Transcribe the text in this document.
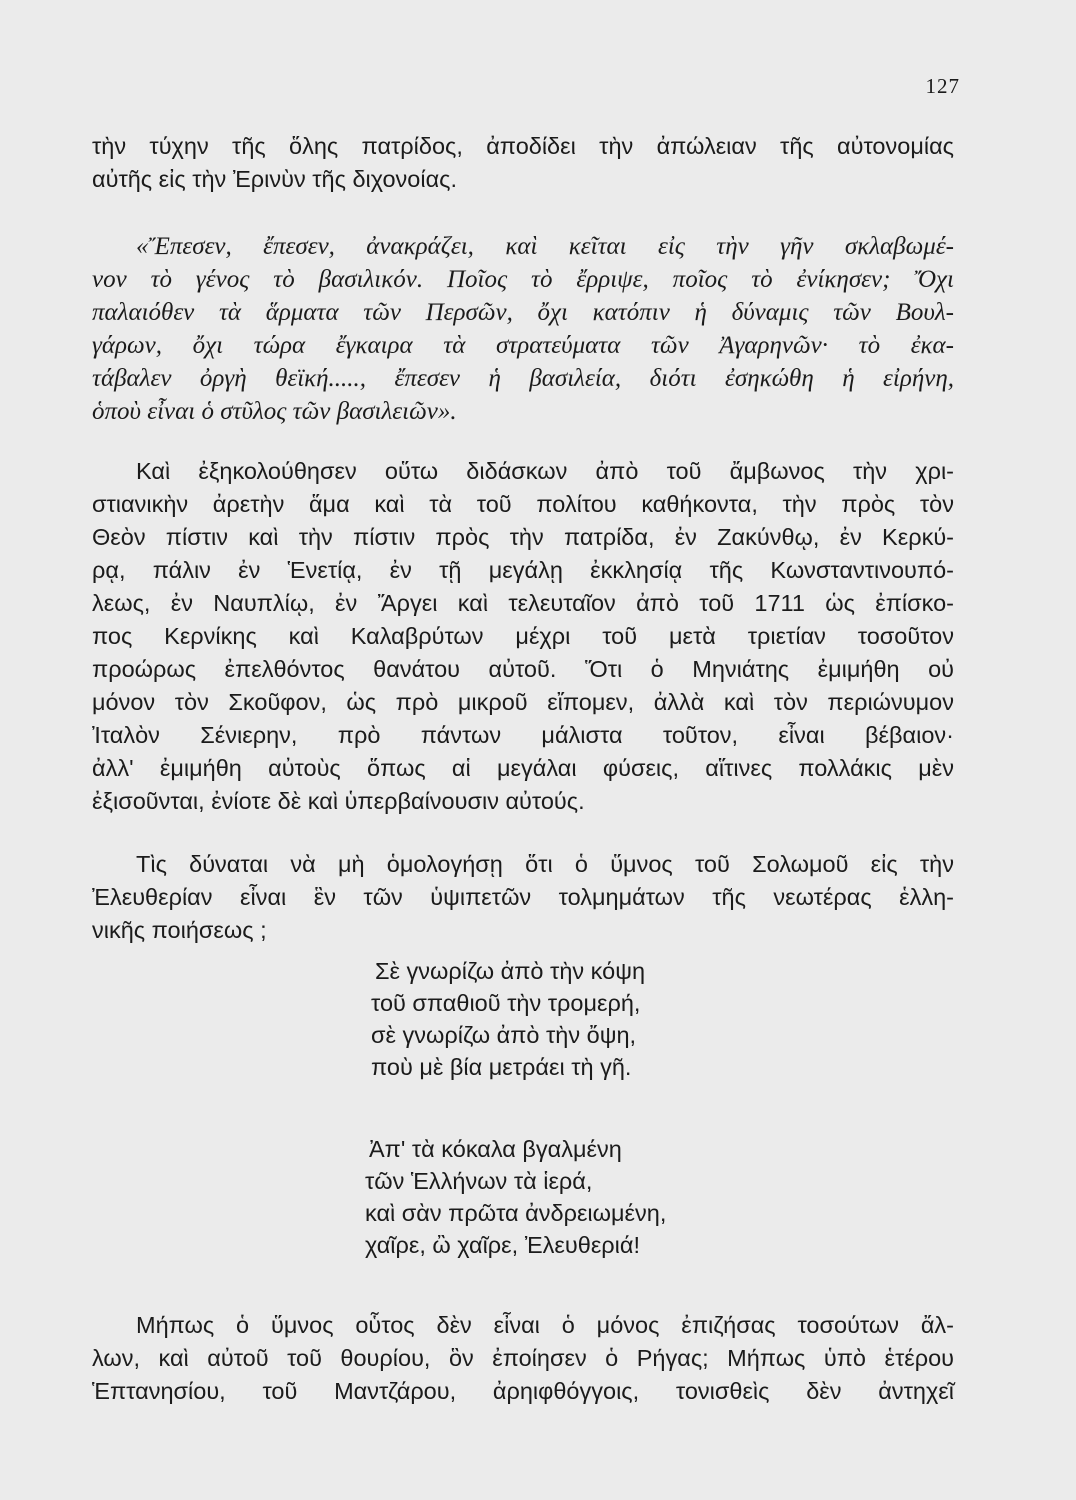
127
τὴν τύχην τῆς ὅλης πατρίδος, ἀποδίδει τὴν ἀπώλειαν τῆς αὐτονομίας
αὐτῆς εἰς τὴν Ἐρινὺν τῆς διχονοίας.
«Ἔπεσεν, ἔπεσεν, ἀνακράζει, καὶ κεῖται εἰς τὴν γῆν σκλαβωμέ-
νον τὸ γένος τὸ βασιλικόν. Ποῖος τὸ ἔρριψε, ποῖος τὸ ἐνίκησεν; Ὄχι
παλαιόθεν τὰ ἅρματα τῶν Περσῶν, ὄχι κατόπιν ἡ δύναμις τῶν Βουλ-
γάρων, ὄχι τώρα ἔγκαιρα τὰ στρατεύματα τῶν Ἀγαρηνῶν· τὸ ἐκα-
τάβαλεν ὀργὴ θεϊκή....., ἔπεσεν ἡ βασιλεία, διότι ἐσηκώθη ἡ εἰρήνη,
ὁποὺ εἶναι ὁ στῦλος τῶν βασιλειῶν».
Καὶ ἐξηκολούθησεν οὕτω διδάσκων ἀπὸ τοῦ ἄμβωνος τὴν χρι-
στιανικὴν ἀρετὴν ἅμα καὶ τὰ τοῦ πολίτου καθήκοντα, τὴν πρὸς τὸν
Θεὸν πίστιν καὶ τὴν πίστιν πρὸς τὴν πατρίδα, ἐν Ζακύνθῳ, ἐν Κερκύ-
ρᾳ, πάλιν ἐν Ἑνετίᾳ, ἐν τῇ μεγάλῃ ἐκκλησίᾳ τῆς Κωνσταντινουπό-
λεως, ἐν Ναυπλίῳ, ἐν Ἄργει καὶ τελευταῖον ἀπὸ τοῦ 1711 ὡς ἐπίσκο-
πος Κερνίκης καὶ Καλαβρύτων μέχρι τοῦ μετὰ τριετίαν τοσοῦτον
προώρως ἐπελθόντος θανάτου αὐτοῦ. Ὅτι ὁ Μηνιάτης ἐμιμήθη οὐ
μόνον τὸν Σκοῦφον, ὡς πρὸ μικροῦ εἴπομεν, ἀλλὰ καὶ τὸν περιώνυμον
Ἰταλὸν Σένιερην, πρὸ πάντων μάλιστα τοῦτον, εἶναι βέβαιον·
ἀλλ' ἐμιμήθη αὐτοὺς ὅπως αἱ μεγάλαι φύσεις, αἵτινες πολλάκις μὲν
ἐξισοῦνται, ἐνίοτε δὲ καὶ ὑπερβαίνουσιν αὐτούς.
Τὶς δύναται νὰ μὴ ὁμολογήσῃ ὅτι ὁ ὕμνος τοῦ Σολωμοῦ εἰς τὴν
Ἐλευθερίαν εἶναι ἓν τῶν ὑψιπετῶν τολμημάτων τῆς νεωτέρας ἑλλη-
νικῆς ποιήσεως ;
Σὲ γνωρίζω ἀπὸ τὴν κόψη
τοῦ σπαθιοῦ τὴν τρομερή,
σὲ γνωρίζω ἀπὸ τὴν ὄψη,
ποὺ μὲ βία μετράει τὴ γῆ.
Ἀπ' τὰ κόκαλα βγαλμένη
τῶν Ἑλλήνων τὰ ἱερά,
καὶ σὰν πρῶτα ἀνδρειωμένη,
χαῖρε, ὢ χαῖρε, Ἐλευθεριά!
Μήπως ὁ ὕμνος οὗτος δὲν εἶναι ὁ μόνος ἐπιζήσας τοσούτων ἄλ-
λων, καὶ αὐτοῦ τοῦ θουρίου, ὃν ἐποίησεν ὁ Ρήγας; Μήπως ὑπὸ ἑτέρου
Ἑπτανησίου, τοῦ Μαντζάρου, ἀρηιφθόγγοις, τονισθεὶς δὲν ἀντηχεῖ
